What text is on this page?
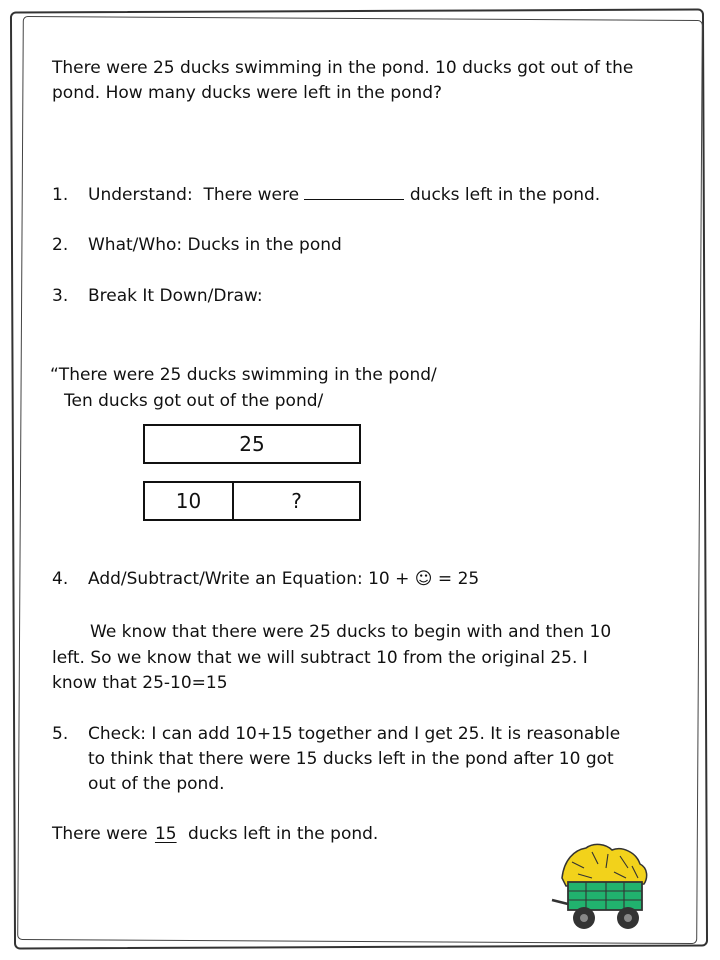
There were 25 ducks swimming in the pond. 10 ducks got out of the
pond. How many ducks were left in the pond?
1. Understand: There were	ducks left in the pond.
2. What/Who: Ducks in the pond
3. Break It Down/Draw:
“There were 25 ducks swimming in the pond/
Ten ducks got out of the pond/
25
10	?
4. Add/Subtract/Write an Equation: 10 + ☺ = 25
We know that there were 25 ducks to begin with and then 10
left. So we know that we will subtract 10 from the original 25. I
know that 25-10=15
5. Check: I can add 10+15 together and I get 25. It is reasonable
to think that there were 15 ducks left in the pond after 10 got
out of the pond.
There were 15 ducks left in the pond.
